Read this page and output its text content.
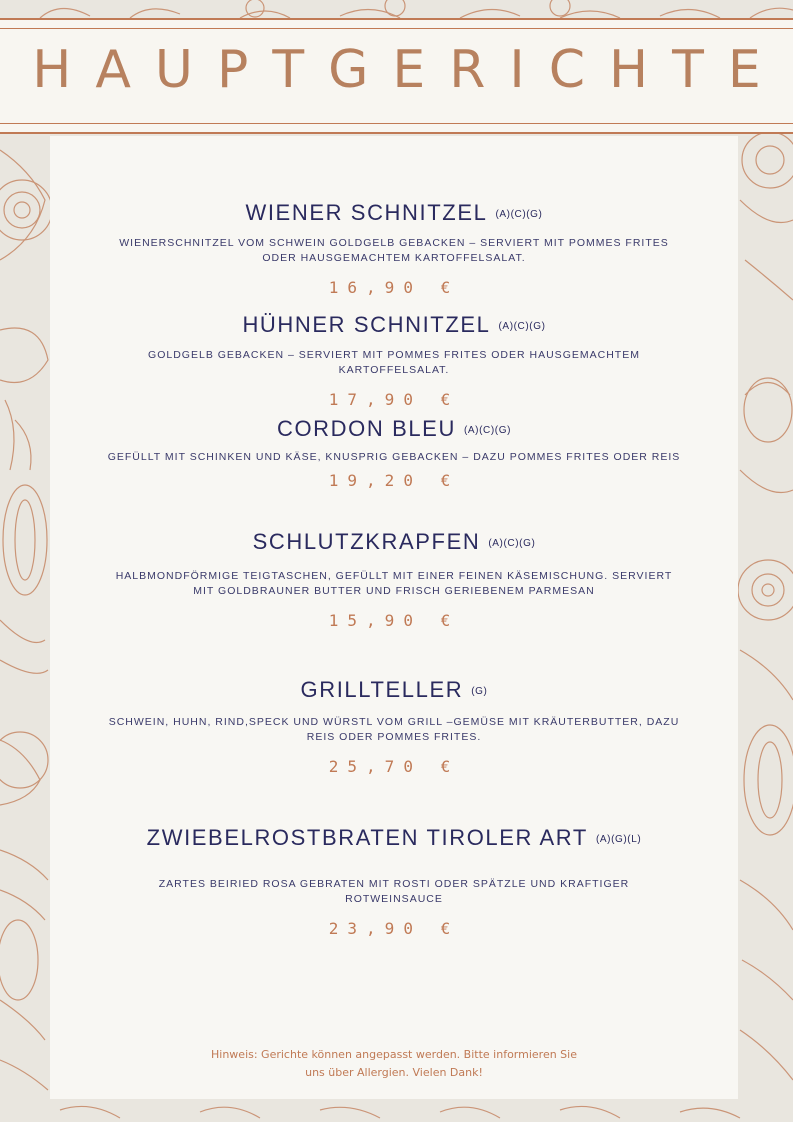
HAUPTGERICHTE
WIENER SCHNITZEL (A)(C)(G)
WIENERSCHNITZEL VOM SCHWEIN GOLDGELB GEBACKEN – SERVIERT MIT POMMES FRITES ODER HAUSGEMACHTEM KARTOFFELSALAT.
16,90 €
HÜHNER SCHNITZEL (A)(C)(G)
GOLDGELB GEBACKEN – SERVIERT MIT POMMES FRITES ODER HAUSGEMACHTEM KARTOFFELSALAT.
17,90 €
CORDON BLEU (A)(C)(G)
GEFÜLLT MIT SCHINKEN UND KÄSE, KNUSPRIG GEBACKEN – DAZU POMMES FRITES ODER REIS
19,20 €
SCHLUTZKRAPFEN (A)(C)(G)
HALBMONDFÖRMIGE TEIGTASCHEN, GEFÜLLT MIT EINER FEINEN KÄSEMISCHUNG. SERVIERT MIT GOLDBRAUNER BUTTER UND FRISCH GERIEBENEM PARMESAN
15,90 €
GRILLTELLER (G)
SCHWEIN, HUHN, RIND,SPECK UND WÜRSTL VOM GRILL –GEMÜSE MIT KRÄUTERBUTTER, DAZU REIS ODER POMMES FRITES.
25,70 €
ZWIEBELROSTBRATEN TIROLER ART (A)(G)(L)
ZARTES BEIRIED ROSA GEBRATEN MIT ROSTI ODER SPÄTZLE UND KRAFTIGER ROTWEINSAUCE
23,90 €
Hinweis: Gerichte können angepasst werden. Bitte informieren Sie
uns über Allergien. Vielen Dank!
